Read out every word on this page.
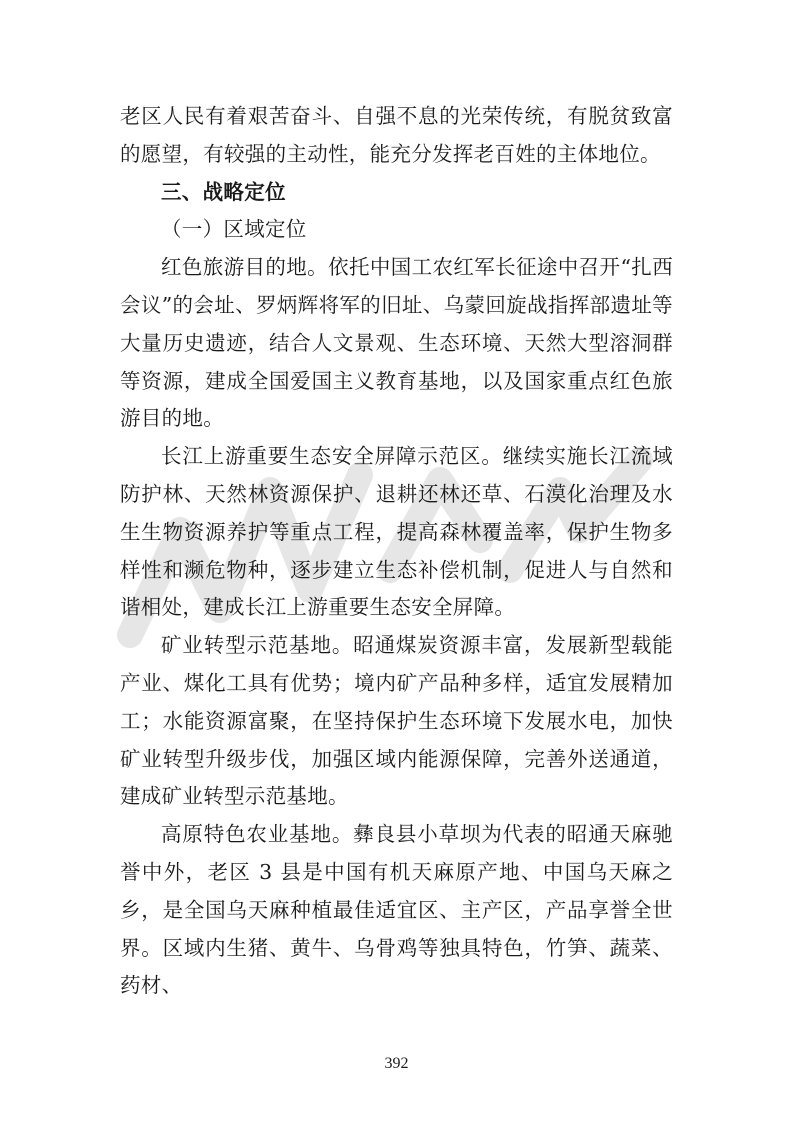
老区人民有着艰苦奋斗、自强不息的光荣传统，有脱贫致富的愿望，有较强的主动性，能充分发挥老百姓的主体地位。

三、战略定位

（一）区域定位

红色旅游目的地。依托中国工农红军长征途中召开“扎西会议”的会址、罗炳辉将军的旧址、乌蒙回旋战指挥部遗址等大量历史遗迹，结合人文景观、生态环境、天然大型溶洞群等资源，建成全国爱国主义教育基地，以及国家重点红色旅游目的地。

长江上游重要生态安全屏障示范区。继续实施长江流域防护林、天然林资源保护、退耕还林还草、石漠化治理及水生生物资源养护等重点工程，提高森林覆盖率，保护生物多样性和濒危物种，逐步建立生态补偿机制，促进人与自然和谐相处，建成长江上游重要生态安全屏障。

矿业转型示范基地。昭通煤炭资源丰富，发展新型载能产业、煤化工具有优势；境内矿产品种多样，适宜发展精加工；水能资源富聚，在坚持保护生态环境下发展水电，加快矿业转型升级步伐，加强区域内能源保障，完善外送通道，建成矿业转型示范基地。

高原特色农业基地。彝良县小草坝为代表的昭通天麻驰誉中外，老区 3 县是中国有机天麻原产地、中国乌天麻之乡，是全国乌天麻种植最佳适宜区、主产区，产品享誉全世界。区域内生猪、黄牛、乌骨鸡等独具特色，竹笋、蔬菜、药材、

392
